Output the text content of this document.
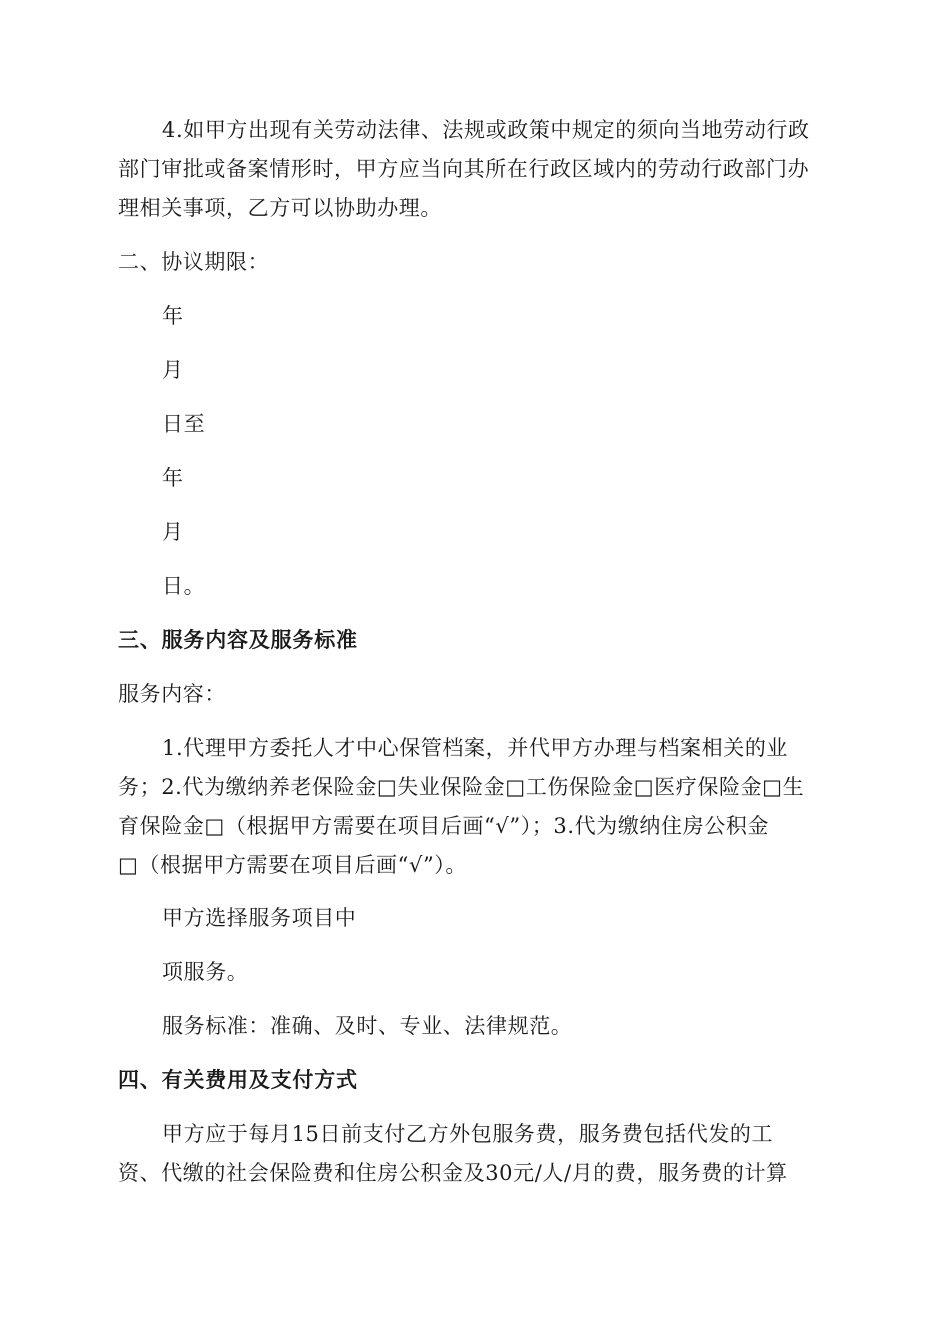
4.如甲方出现有关劳动法律、法规或政策中规定的须向当地劳动行政
部门审批或备案情形时，甲方应当向其所在行政区域内的劳动行政部门办
理相关事项，乙方可以协助办理。
二、协议期限：
年
月
日至
年
月
日。
三、服务内容及服务标准
服务内容：
1.代理甲方委托人才中心保管档案，并代甲方办理与档案相关的业
务；2.代为缴纳养老保险金□失业保险金□工伤保险金□医疗保险金□生
育保险金□（根据甲方需要在项目后画“√”）；3.代为缴纳住房公积金
□（根据甲方需要在项目后画“√”）。
甲方选择服务项目中
项服务。
服务标准：准确、及时、专业、法律规范。
四、有关费用及支付方式
甲方应于每月15日前支付乙方外包服务费，服务费包括代发的工
资、代缴的社会保险费和住房公积金及30元/人/月的费，服务费的计算
